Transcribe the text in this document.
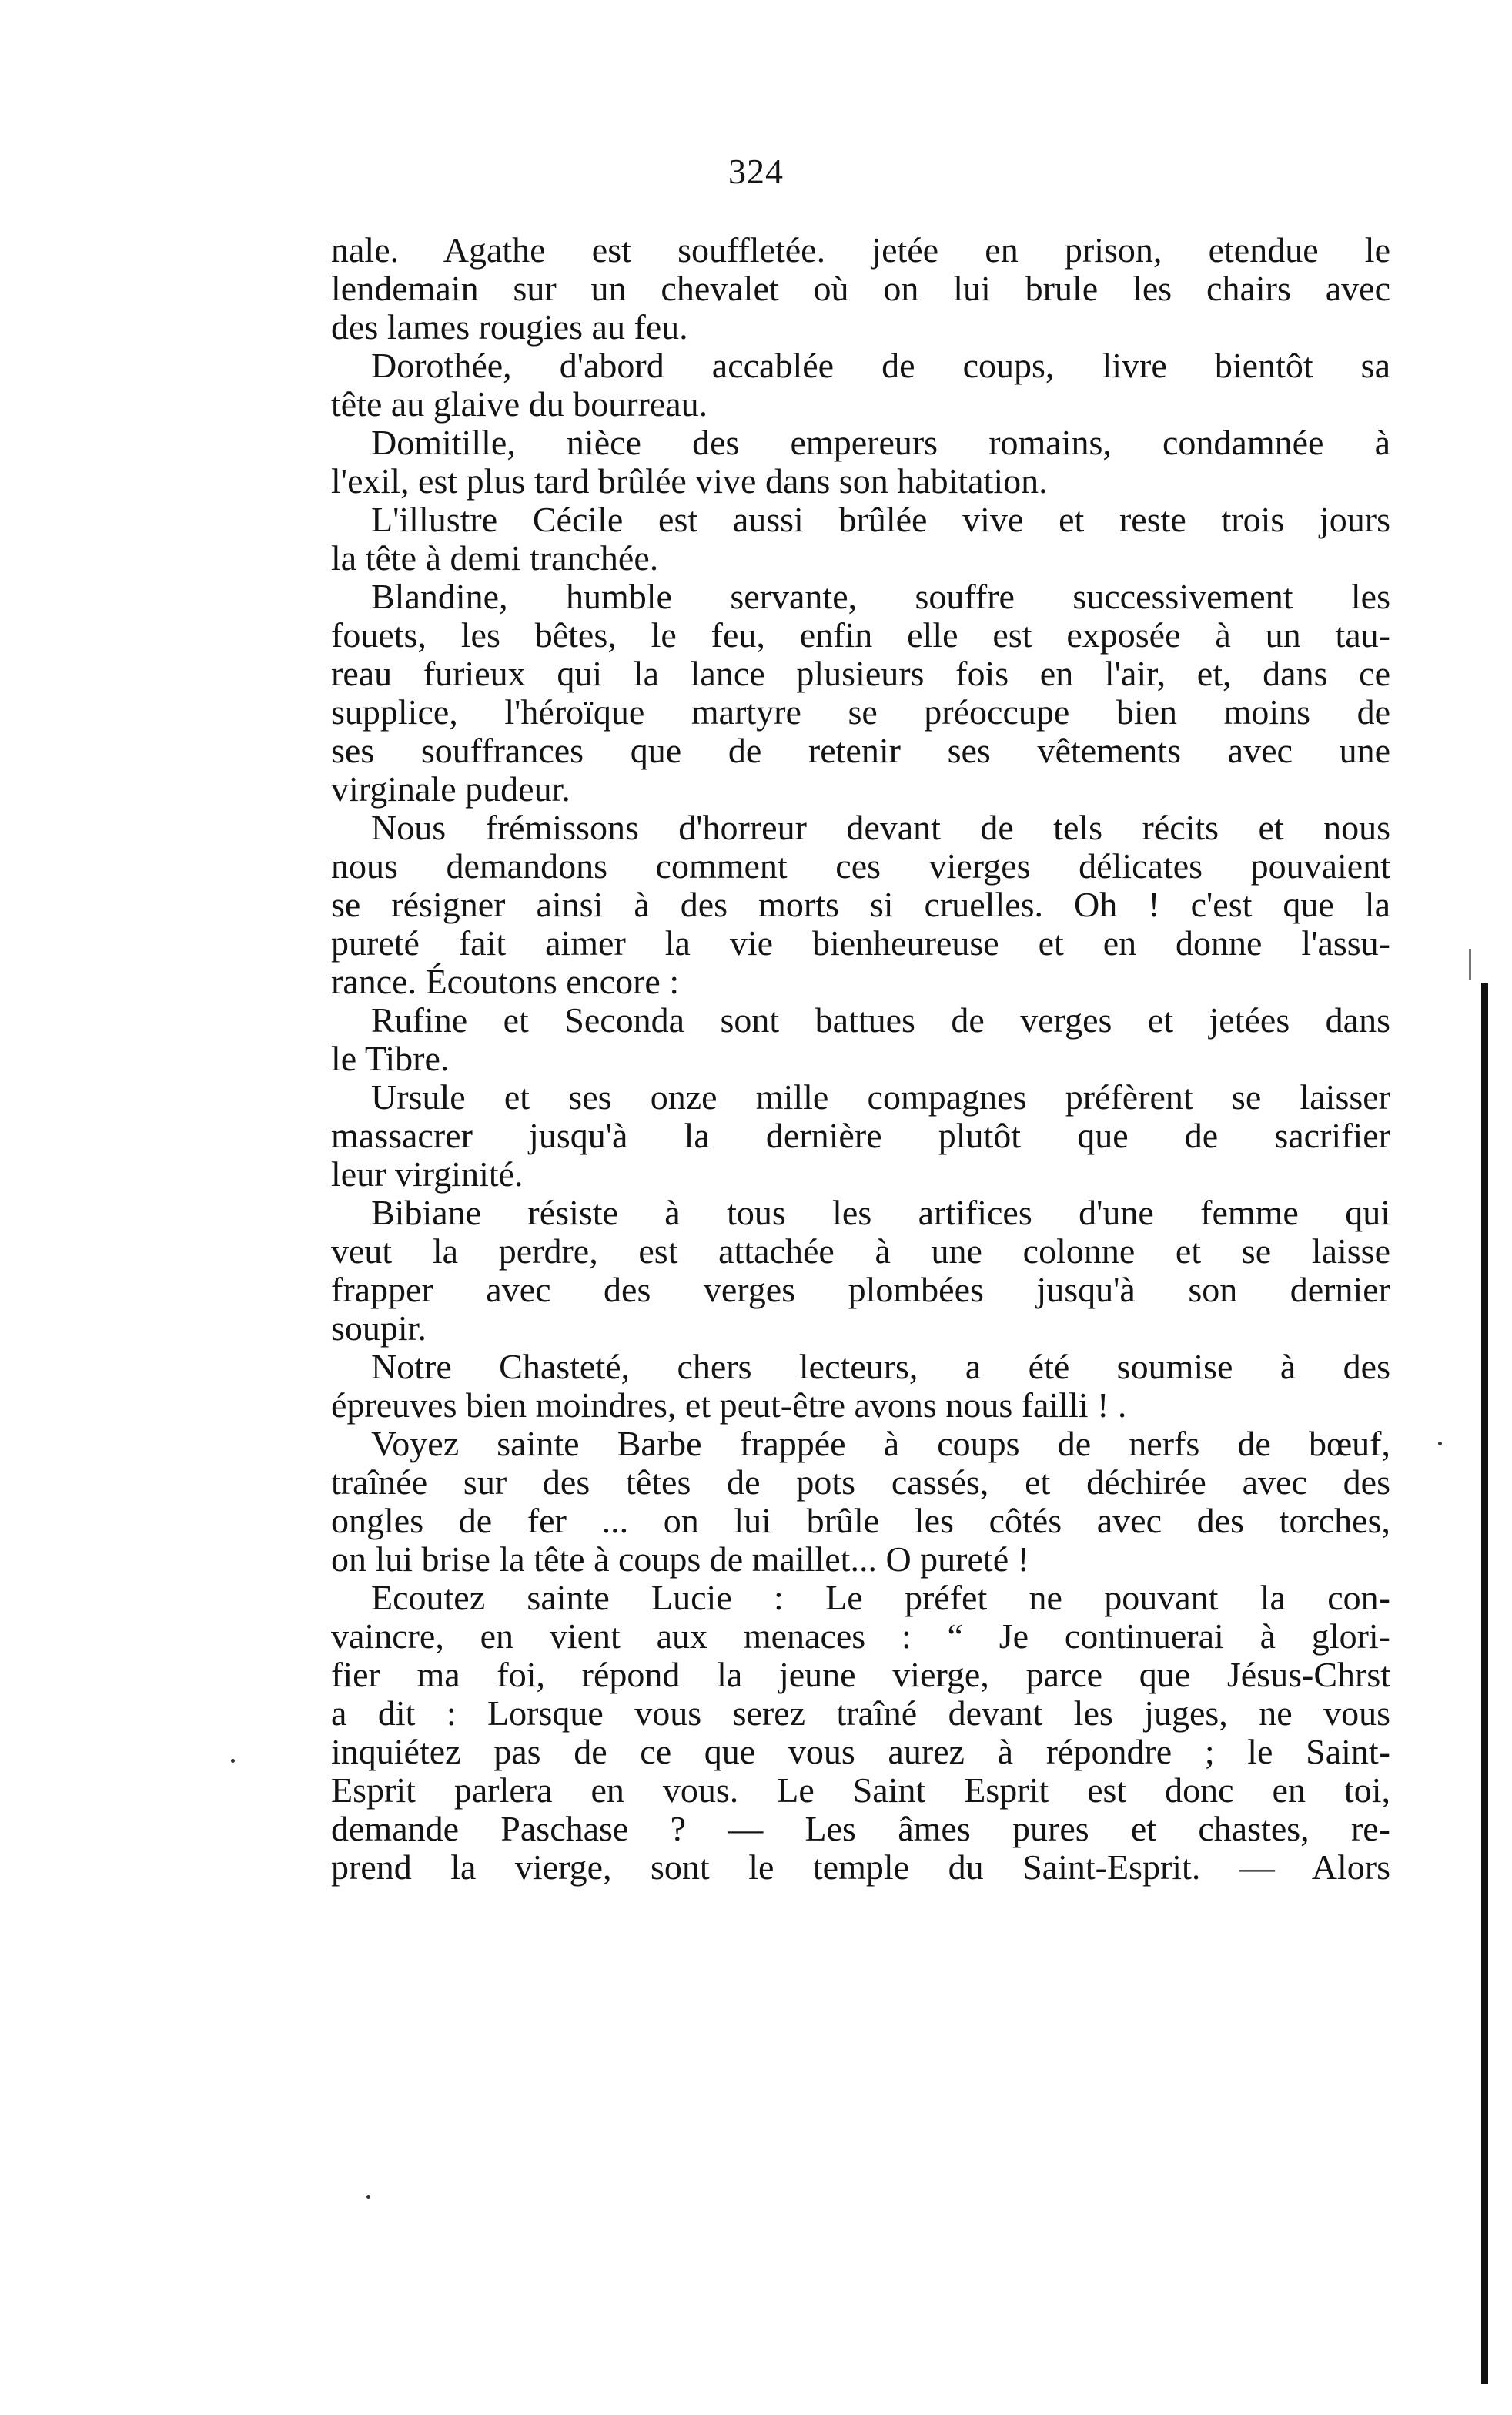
324
nale. Agathe est souffletée. jetée en prison, etendue le
lendemain sur un chevalet où on lui brule les chairs avec
des lames rougies au feu.
Dorothée, d'abord accablée de coups, livre bientôt sa
tête au glaive du bourreau.
Domitille, nièce des empereurs romains, condamnée à
l'exil, est plus tard brûlée vive dans son habitation.
L'illustre Cécile est aussi brûlée vive et reste trois jours
la tête à demi tranchée.
Blandine, humble servante, souffre successivement les
fouets, les bêtes, le feu, enfin elle est exposée à un tau-
reau furieux qui la lance plusieurs fois en l'air, et, dans ce
supplice, l'héroïque martyre se préoccupe bien moins de
ses souffrances que de retenir ses vêtements avec une
virginale pudeur.
Nous frémissons d'horreur devant de tels récits et nous
nous demandons comment ces vierges délicates pouvaient
se résigner ainsi à des morts si cruelles. Oh ! c'est que la
pureté fait aimer la vie bienheureuse et en donne l'assu-
rance. Écoutons encore :
Rufine et Seconda sont battues de verges et jetées dans
le Tibre.
Ursule et ses onze mille compagnes préfèrent se laisser
massacrer jusqu'à la dernière plutôt que de sacrifier
leur virginité.
Bibiane résiste à tous les artifices d'une femme qui
veut la perdre, est attachée à une colonne et se laisse
frapper avec des verges plombées jusqu'à son dernier
soupir.
Notre Chasteté, chers lecteurs, a été soumise à des
épreuves bien moindres, et peut-être avons nous failli ! .
Voyez sainte Barbe frappée à coups de nerfs de bœuf,
traînée sur des têtes de pots cassés, et déchirée avec des
ongles de fer ... on lui brûle les côtés avec des torches,
on lui brise la tête à coups de maillet... O pureté !
Ecoutez sainte Lucie : Le préfet ne pouvant la con-
vaincre, en vient aux menaces : “ Je continuerai à glori-
fier ma foi, répond la jeune vierge, parce que Jésus-Chrst
a dit : Lorsque vous serez traîné devant les juges, ne vous
inquiétez pas de ce que vous aurez à répondre ; le Saint-
Esprit parlera en vous. Le Saint Esprit est donc en toi,
demande Paschase ? — Les âmes pures et chastes, re-
prend la vierge, sont le temple du Saint-Esprit. — Alors
